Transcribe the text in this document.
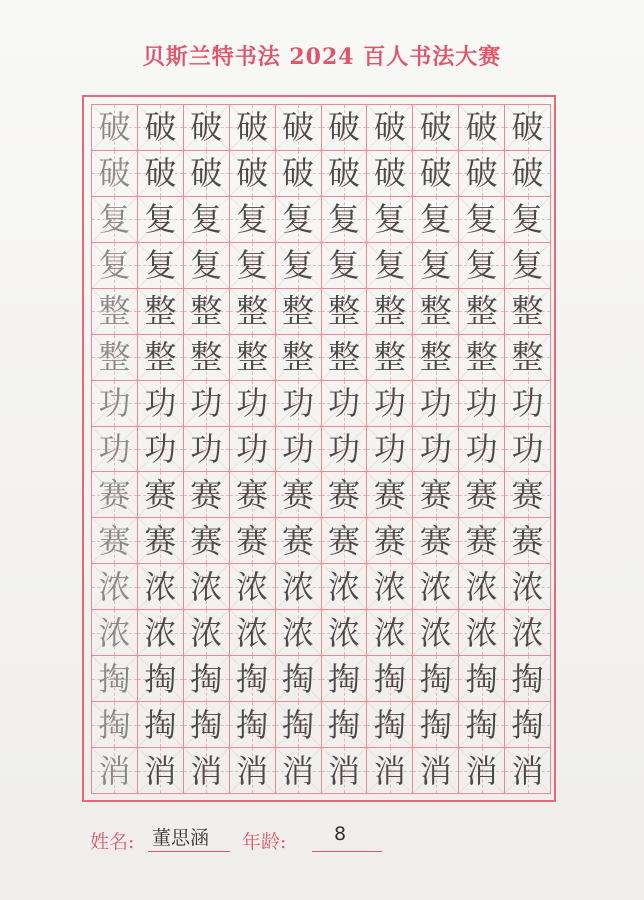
贝斯兰特书法 2024 百人书法大赛
破 破 破 破 破 破 破 破 破 破
破 破 破 破 破 破 破 破 破 破
复 复 复 复 复 复 复 复 复 复
复 复 复 复 复 复 复 复 复 复
整 整 整 整 整 整 整 整 整 整
整 整 整 整 整 整 整 整 整 整
功 功 功 功 功 功 功 功 功 功
功 功 功 功 功 功 功 功 功 功
赛 赛 赛 赛 赛 赛 赛 赛 赛 赛
赛 赛 赛 赛 赛 赛 赛 赛 赛 赛
浓 浓 浓 浓 浓 浓 浓 浓 浓 浓
浓 浓 浓 浓 浓 浓 浓 浓 浓 浓
掏 掏 掏 掏 掏 掏 掏 掏 掏 掏
掏 掏 掏 掏 掏 掏 掏 掏 掏 掏
消 消 消 消 消 消 消 消 消 消
姓名: 董思涵 年龄:	8
